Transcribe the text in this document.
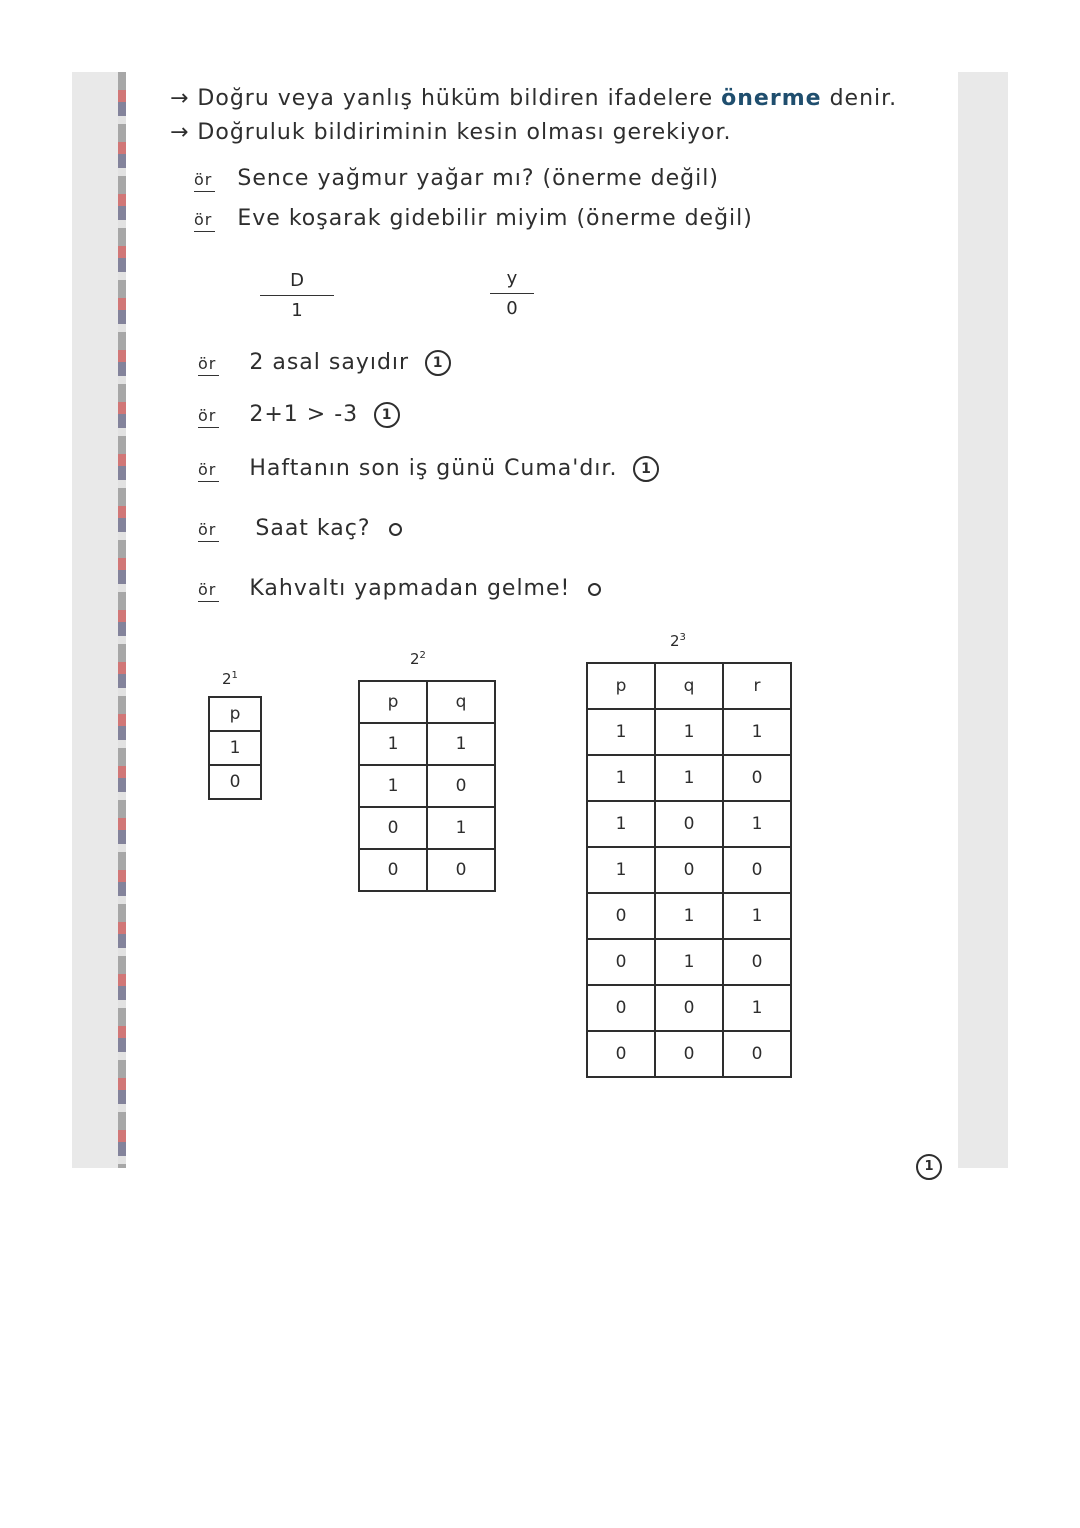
→ Doğru veya yanlış hüküm bildiren ifadelere önerme denir.
→ Doğruluk bildiriminin kesin olması gerekiyor.
ör Sence yağmur yağar mı? (önerme değil)
ör Eve koşarak gidebilir miyim (önerme değil)
D
1
y
0
ör 2 asal sayıdır 1
ör 2+1 > -3 1
ör Haftanın son iş günü Cuma'dır. 1
ör Saat kaç?
ör Kahvaltı yapmadan gelme!
$2^1$
p
1
0
$2^2$
p	q
1	1
1	0
0	1
0	0
$2^3$
p	q	r
1	1	1
1	1	0
1	0	1
1	0	0
0	1	1
0	1	0
0	0	1
0	0	0
1
